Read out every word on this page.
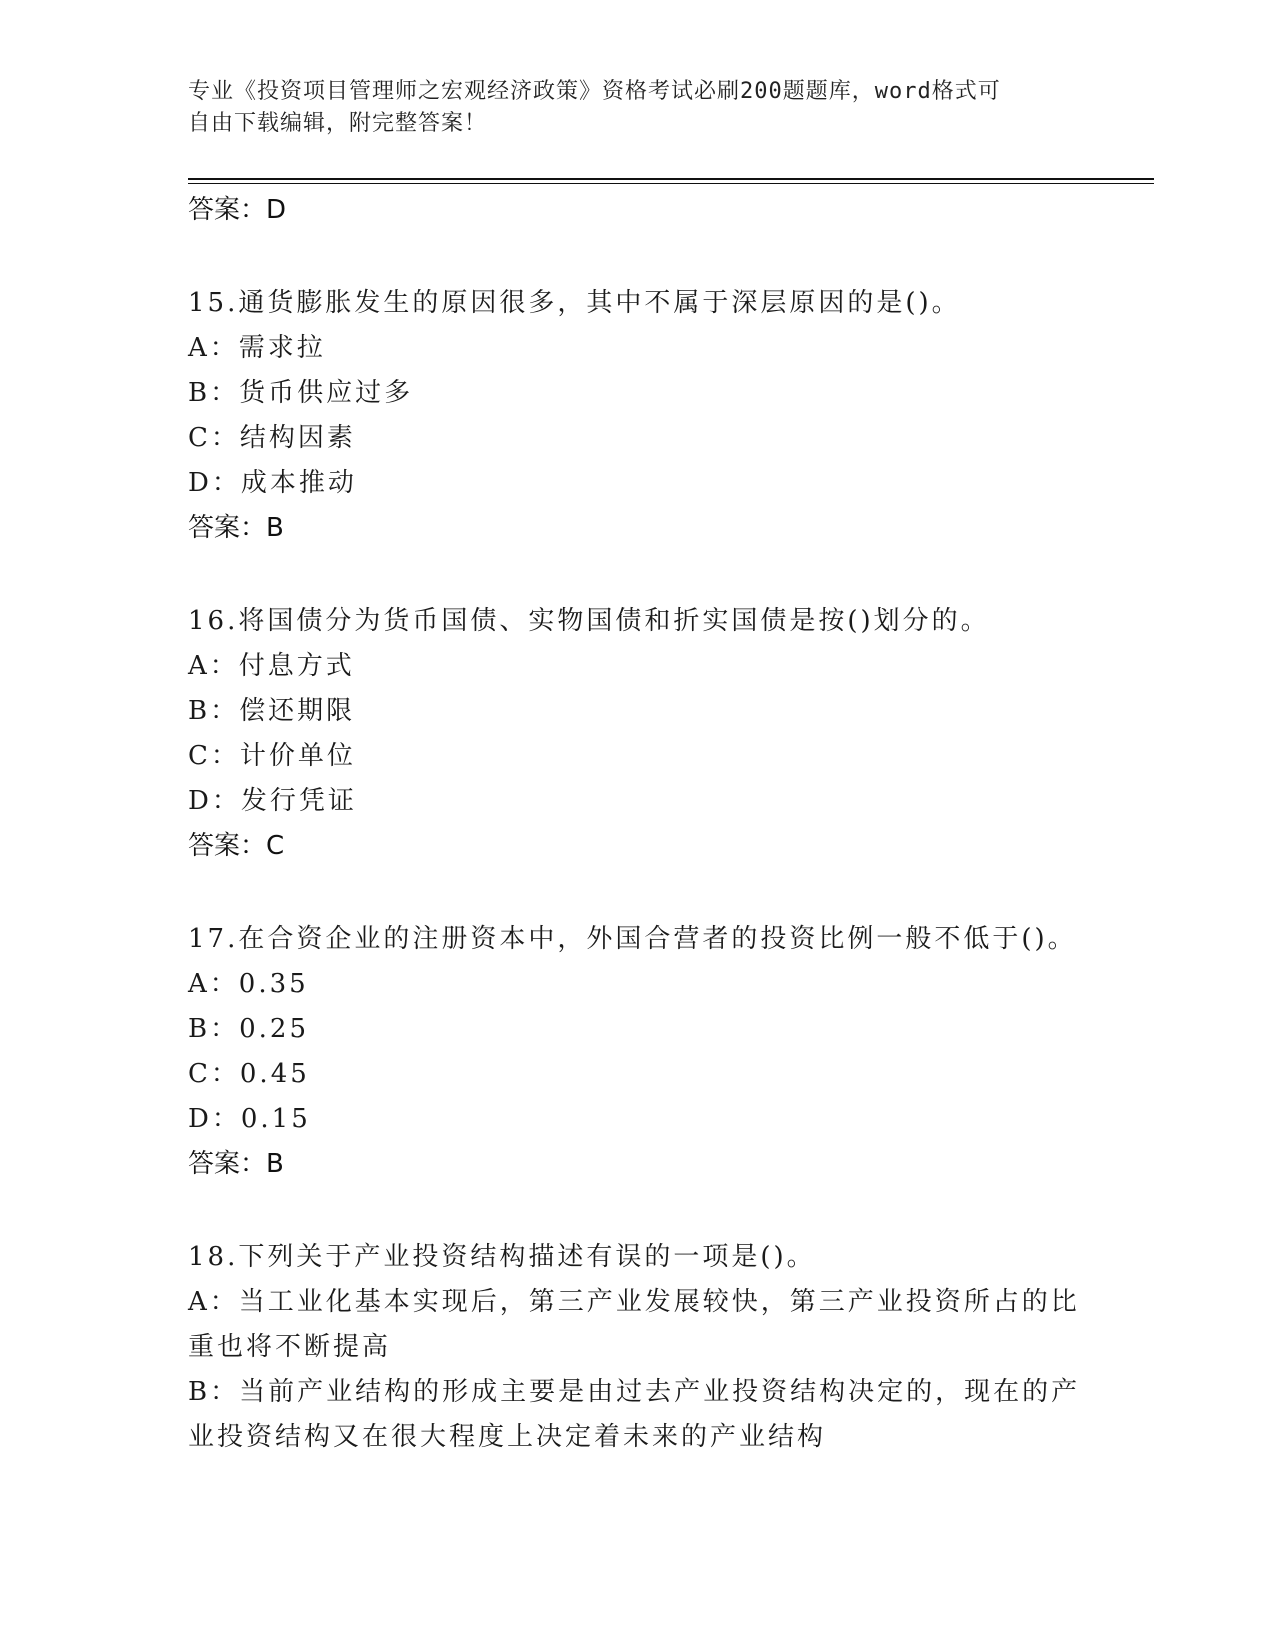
专业《投资项目管理师之宏观经济政策》资格考试必刷200题题库，word格式可
自由下载编辑，附完整答案！

答案：D

15.通货膨胀发生的原因很多，其中不属于深层原因的是()。

A：需求拉

B：货币供应过多

C：结构因素

D：成本推动

答案：B

16.将国债分为货币国债、实物国债和折实国债是按()划分的。

A：付息方式

B：偿还期限

C：计价单位

D：发行凭证

答案：C

17.在合资企业的注册资本中，外国合营者的投资比例一般不低于()。

A：0.35

B：0.25

C：0.45

D：0.15

答案：B

18.下列关于产业投资结构描述有误的一项是()。

A：当工业化基本实现后，第三产业发展较快，第三产业投资所占的比重也将不断提高

B：当前产业结构的形成主要是由过去产业投资结构决定的，现在的产业投资结构又在很大程度上决定着未来的产业结构
